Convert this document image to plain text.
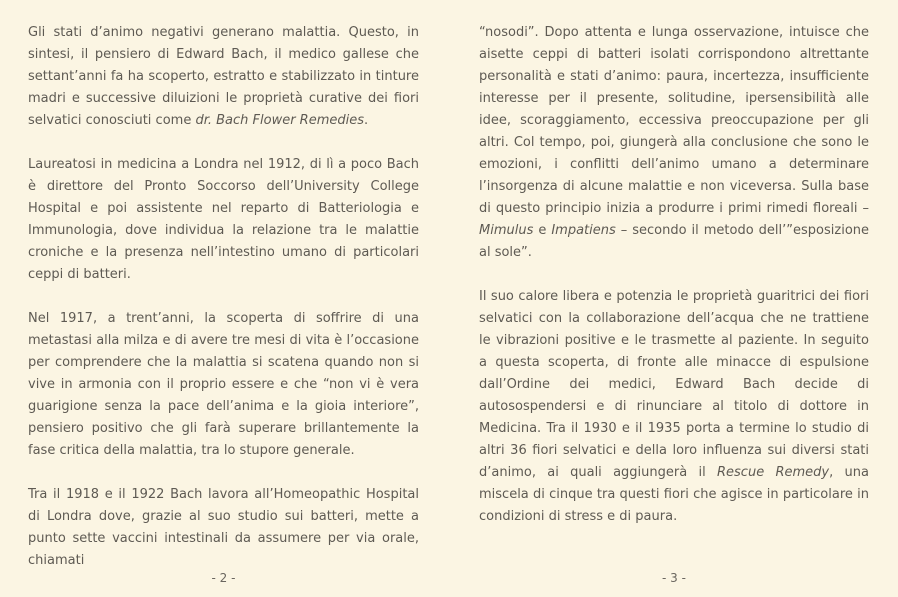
Gli stati d’animo negativi generano malattia. Questo, in sintesi, il pensiero di Edward Bach, il medico gallese che settant’anni fa ha scoperto, estratto e stabilizzato in tinture madri e successive diluizioni le proprietà curative dei fiori selvatici conosciuti come dr. Bach Flower Remedies.

Laureatosi in medicina a Londra nel 1912, di lì a poco Bach è direttore del Pronto Soccorso dell’University College Hospital e poi assistente nel reparto di Batteriologia e Immunologia, dove individua la relazione tra le malattie croniche e la presenza nell’intestino umano di particolari ceppi di batteri.

Nel 1917, a trent’anni, la scoperta di soffrire di una metastasi alla milza e di avere tre mesi di vita è l’occasione per comprendere che la malattia si scatena quando non si vive in armonia con il proprio essere e che “non vi è vera guarigione senza la pace dell’anima e la gioia interiore”, pensiero positivo che gli farà superare brillantemente la fase critica della malattia, tra lo stupore generale.

Tra il 1918 e il 1922 Bach lavora all’Homeopathic Hospital di Londra dove, grazie al suo studio sui batteri, mette a punto sette vaccini intestinali da assumere per via orale, chiamati

- 2 -

“nosodi”. Dopo attenta e lunga osservazione, intuisce che aisette ceppi di batteri isolati corrispondono altrettante personalità e stati d’animo: paura, incertezza, insufficiente interesse per il presente, solitudine, ipersensibilità alle idee, scoraggiamento, eccessiva preoccupazione per gli altri. Col tempo, poi, giungerà alla conclusione che sono le emozioni, i conflitti dell’animo umano a determinare l’insorgenza di alcune malattie e non viceversa. Sulla base di questo principio inizia a produrre i primi rimedi floreali – Mimulus e Impatiens – secondo il metodo dell’”esposizione al sole”.

Il suo calore libera e potenzia le proprietà guaritrici dei fiori selvatici con la collaborazione dell’acqua che ne trattiene le vibrazioni positive e le trasmette al paziente. In seguito a questa scoperta, di fronte alle minacce di espulsione dall’Ordine dei medici, Edward Bach decide di autosospendersi e di rinunciare al titolo di dottore in Medicina. Tra il 1930 e il 1935 porta a termine lo studio di altri 36 fiori selvatici e della loro influenza sui diversi stati d’animo, ai quali aggiungerà il Rescue Remedy, una miscela di cinque tra questi fiori che agisce in particolare in condizioni di stress e di paura.

- 3 -
